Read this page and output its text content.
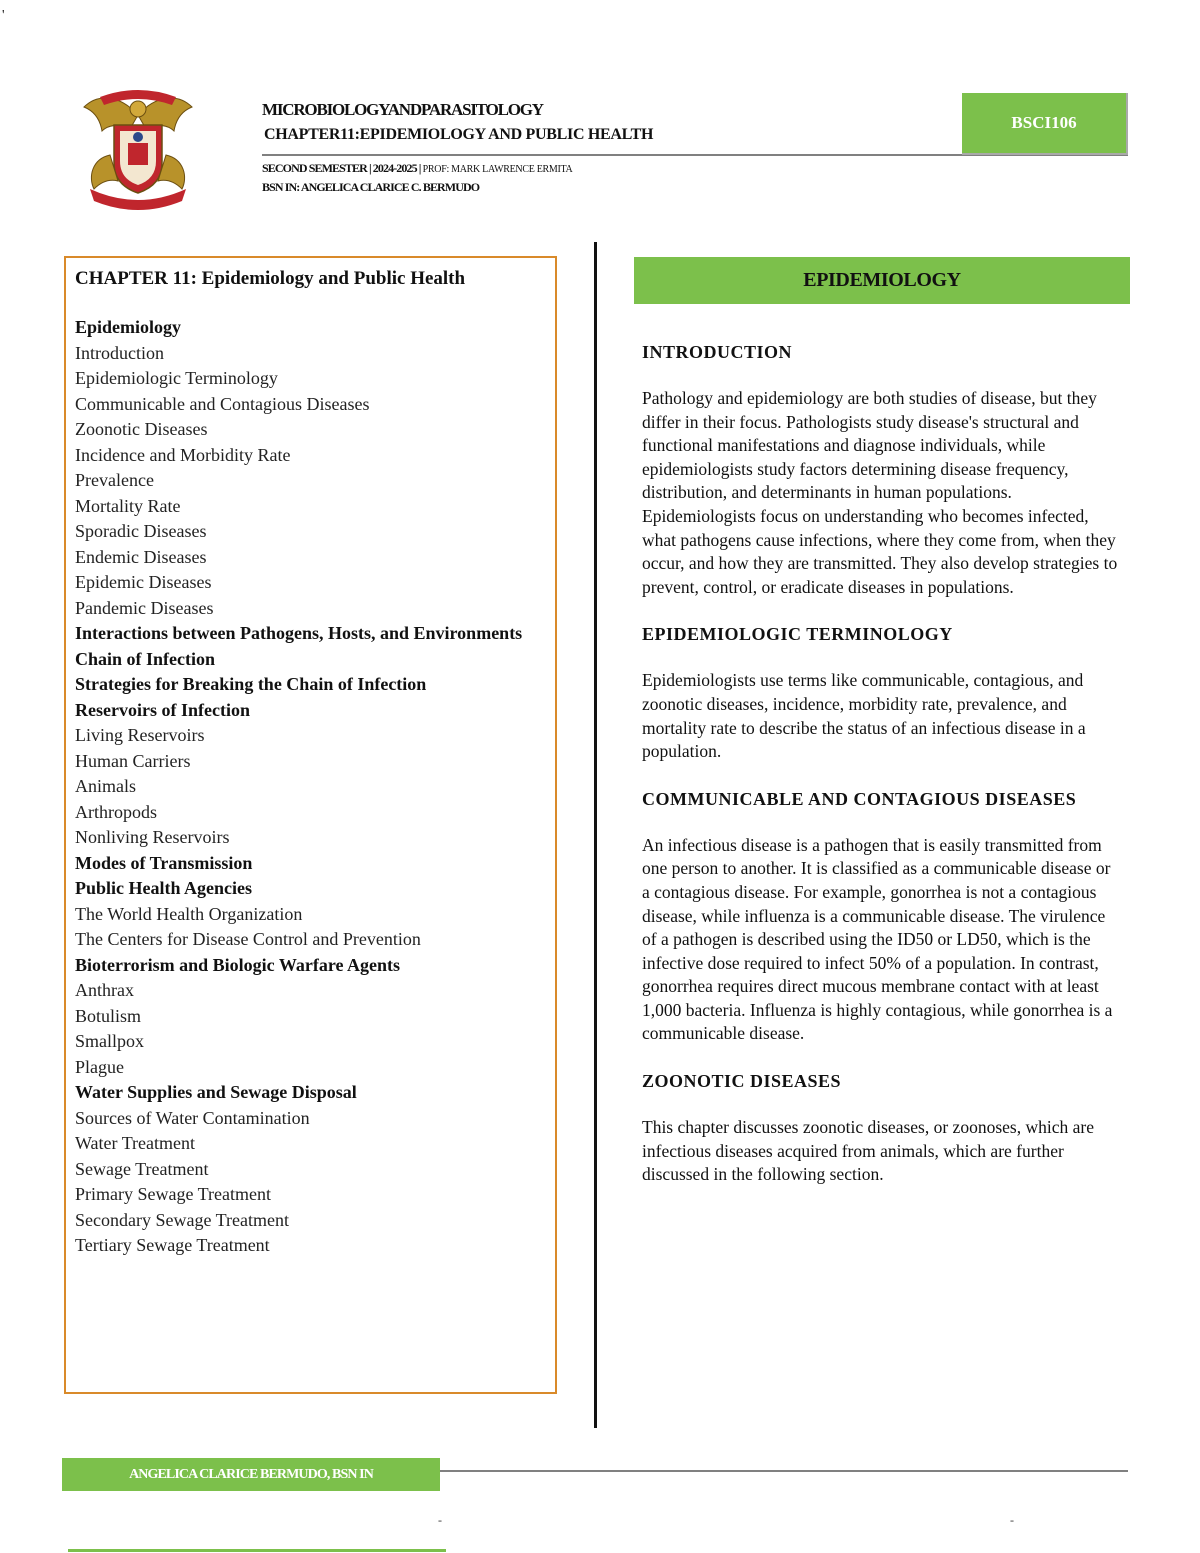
'
MICROBIOLOGYANDPARASITOLOGY
CHAPTER11:EPIDEMIOLOGY AND PUBLIC HEALTH
BSCI106
SECOND SEMESTER | 2024-2025 | PROF: MARK LAWRENCE ERMITA
BSN IN: ANGELICA CLARICE C. BERMUDO
CHAPTER 11: Epidemiology and Public Health
Epidemiology
Introduction
Epidemiologic Terminology
Communicable and Contagious Diseases
Zoonotic Diseases
Incidence and Morbidity Rate
Prevalence
Mortality Rate
Sporadic Diseases
Endemic Diseases
Epidemic Diseases
Pandemic Diseases
Interactions between Pathogens, Hosts, and Environments
Chain of Infection
Strategies for Breaking the Chain of Infection
Reservoirs of Infection
Living Reservoirs
Human Carriers
Animals
Arthropods
Nonliving Reservoirs
Modes of Transmission
Public Health Agencies
The World Health Organization
The Centers for Disease Control and Prevention
Bioterrorism and Biologic Warfare Agents
Anthrax
Botulism
Smallpox
Plague
Water Supplies and Sewage Disposal
Sources of Water Contamination
Water Treatment
Sewage Treatment
Primary Sewage Treatment
Secondary Sewage Treatment
Tertiary Sewage Treatment
EPIDEMIOLOGY
INTRODUCTION

Pathology and epidemiology are both studies of disease, but they differ in their focus. Pathologists study disease's structural and functional manifestations and diagnose individuals, while epidemiologists study factors determining disease frequency, distribution, and determinants in human populations. Epidemiologists focus on understanding who becomes infected, what pathogens cause infections, where they come from, when they occur, and how they are transmitted. They also develop strategies to prevent, control, or eradicate diseases in populations.

EPIDEMIOLOGIC TERMINOLOGY

Epidemiologists use terms like communicable, contagious, and zoonotic diseases, incidence, morbidity rate, prevalence, and mortality rate to describe the status of an infectious disease in a population.

COMMUNICABLE AND CONTAGIOUS DISEASES

An infectious disease is a pathogen that is easily transmitted from one person to another. It is classified as a communicable disease or a contagious disease. For example, gonorrhea is not a contagious disease, while influenza is a communicable disease. The virulence of a pathogen is described using the ID50 or LD50, which is the infective dose required to infect 50% of a population. In contrast, gonorrhea requires direct mucous membrane contact with at least 1,000 bacteria. Influenza is highly contagious, while gonorrhea is a communicable disease.

ZOONOTIC DISEASES

This chapter discusses zoonotic diseases, or zoonoses, which are infectious diseases acquired from animals, which are further discussed in the following section.

ANGELICA CLARICE BERMUDO, BSN IN
-	-
